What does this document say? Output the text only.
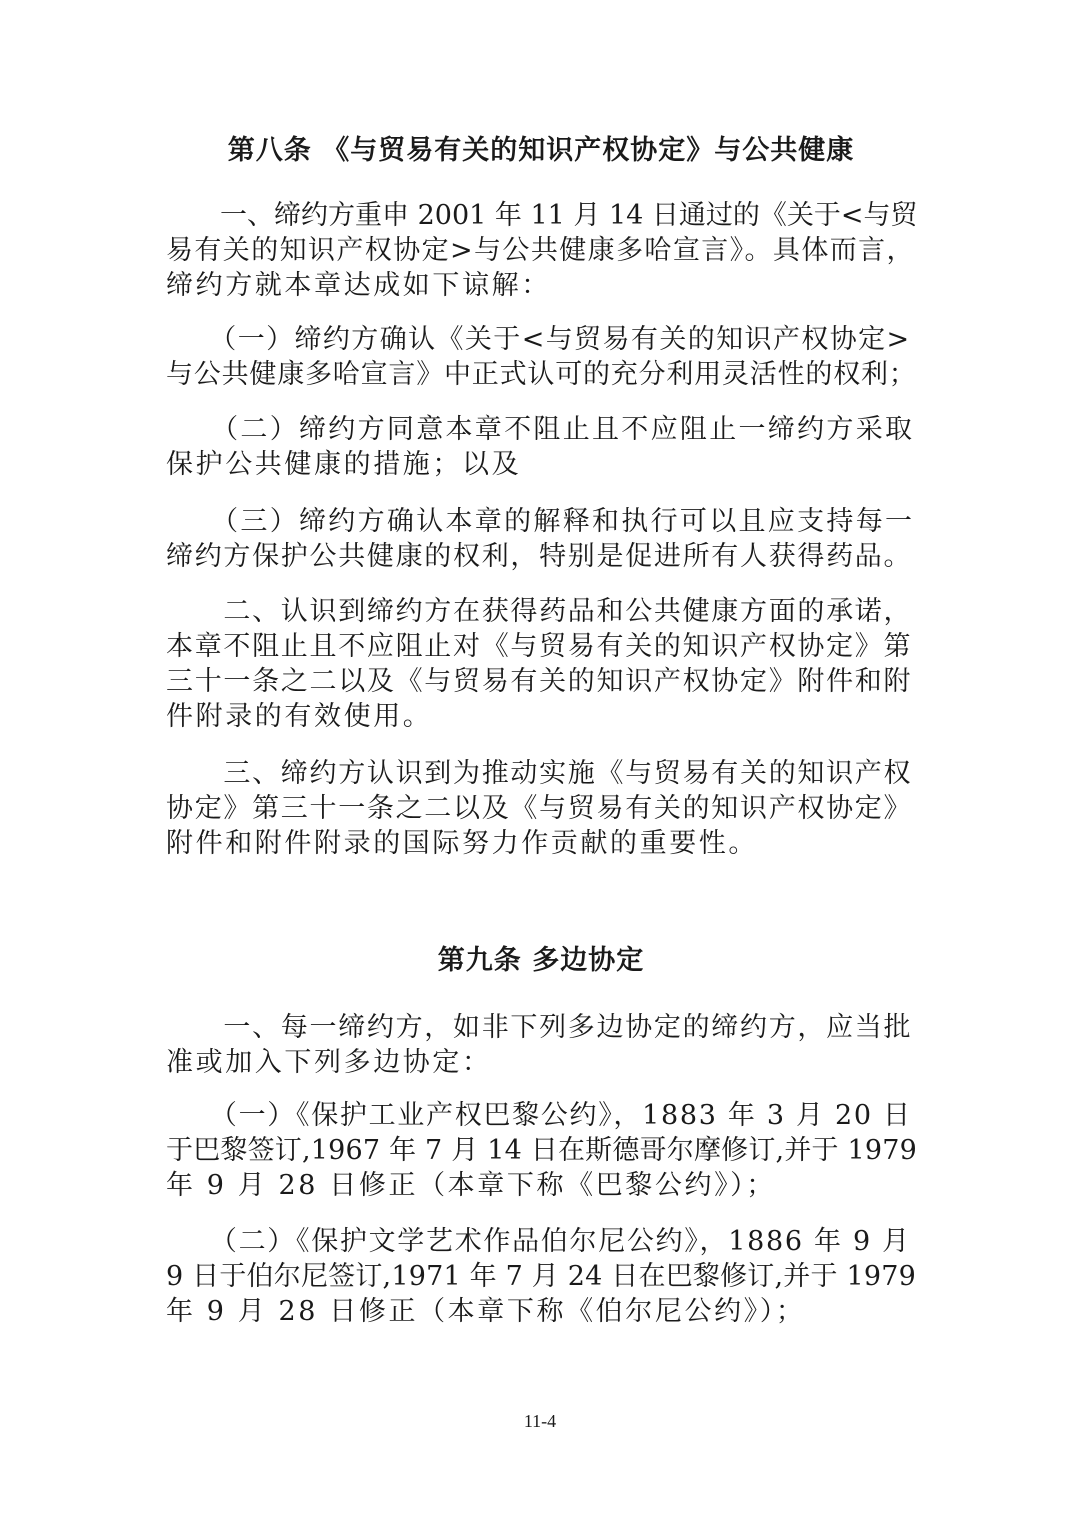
第八条 《与贸易有关的知识产权协定》与公共健康

　　一、缔约方重申 2001 年 11 月 14 日通过的《关于<与贸
易有关的知识产权协定>与公共健康多哈宣言》。具体而言，
缔约方就本章达成如下谅解：

　　（一）缔约方确认《关于<与贸易有关的知识产权协定>
与公共健康多哈宣言》中正式认可的充分利用灵活性的权利；

　　（二）缔约方同意本章不阻止且不应阻止一缔约方采取
保护公共健康的措施；以及

　　（三）缔约方确认本章的解释和执行可以且应支持每一
缔约方保护公共健康的权利，特别是促进所有人获得药品。

　　二、认识到缔约方在获得药品和公共健康方面的承诺，
本章不阻止且不应阻止对《与贸易有关的知识产权协定》第
三十一条之二以及《与贸易有关的知识产权协定》附件和附
件附录的有效使用。

　　三、缔约方认识到为推动实施《与贸易有关的知识产权
协定》第三十一条之二以及《与贸易有关的知识产权协定》
附件和附件附录的国际努力作贡献的重要性。

第九条 多边协定

　　一、每一缔约方，如非下列多边协定的缔约方，应当批
准或加入下列多边协定：

　　（一）《保护工业产权巴黎公约》，1883 年 3 月 20 日
于巴黎签订,1967 年 7 月 14 日在斯德哥尔摩修订,并于 1979
年 9 月 28 日修正（本章下称《巴黎公约》）；

　　（二）《保护文学艺术作品伯尔尼公约》，1886 年 9 月
9 日于伯尔尼签订,1971 年 7 月 24 日在巴黎修订,并于 1979
年 9 月 28 日修正（本章下称《伯尔尼公约》）；

11-4
